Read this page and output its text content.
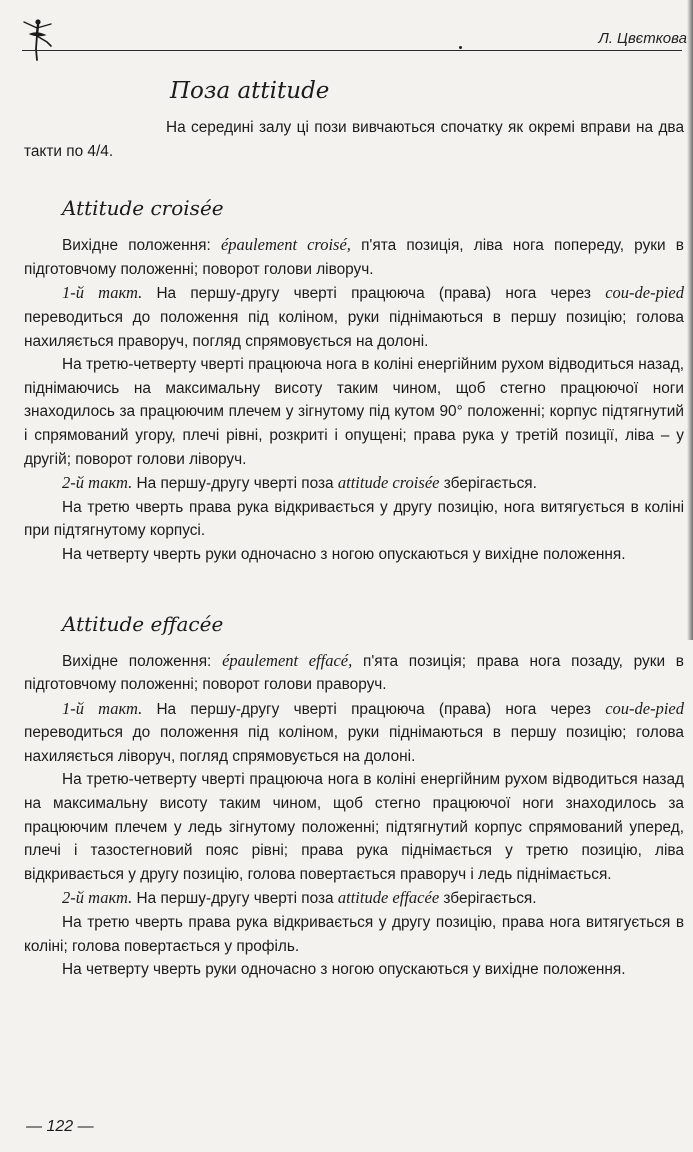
Л. Цвєткова
Поза attitude

На середині залу ці пози вивчаються спочатку як окремі вправи на два такти по 4/4.

Attitude croisée

Вихідне положення: épaulement croisé, п'ята позиція, ліва нога попереду, руки в підготовчому положенні; поворот голови ліворуч.

1-й такт. На першу-другу чверті працююча (права) нога через cou-de-pied переводиться до положення під коліном, руки піднімаються в першу позицію; голова нахиляється праворуч, погляд спрямовується на долоні.

На третю-четверту чверті працююча нога в коліні енергійним рухом відводиться назад, піднімаючись на максимальну висоту таким чином, щоб стегно працюючої ноги знаходилось за працюючим плечем у зігнутому під кутом 90° положенні; корпус підтягнутий і спрямований угору, плечі рівні, розкриті і опущені; права рука у третій позиції, ліва – у другій; поворот голови ліворуч.

2-й такт. На першу-другу чверті поза attitude croisée зберігається.

На третю чверть права рука відкривається у другу позицію, нога витягується в коліні при підтягнутому корпусі.

На четверту чверть руки одночасно з ногою опускаються у вихідне положення.

Attitude effacée

Вихідне положення: épaulement effacé, п'ята позиція; права нога позаду, руки в підготовчому положенні; поворот голови праворуч.

1-й такт. На першу-другу чверті працююча (права) нога через cou-de-pied переводиться до положення під коліном, руки піднімаються в першу позицію; голова нахиляється ліворуч, погляд спрямовується на долоні.

На третю-четверту чверті працююча нога в коліні енергійним рухом відводиться назад на максимальну висоту таким чином, щоб стегно працюючої ноги знаходилось за працюючим плечем у ледь зігнутому положенні; підтягнутий корпус спрямований уперед, плечі і тазостегновий пояс рівні; права рука піднімається у третю позицію, ліва відкривається у другу позицію, голова повертається праворуч і ледь піднімається.

2-й такт. На першу-другу чверті поза attitude effacée зберігається.

На третю чверть права рука відкривається у другу позицію, права нога витягується в коліні; голова повертається у профіль.

На четверту чверть руки одночасно з ногою опускаються у вихідне положення.

— 122 —
